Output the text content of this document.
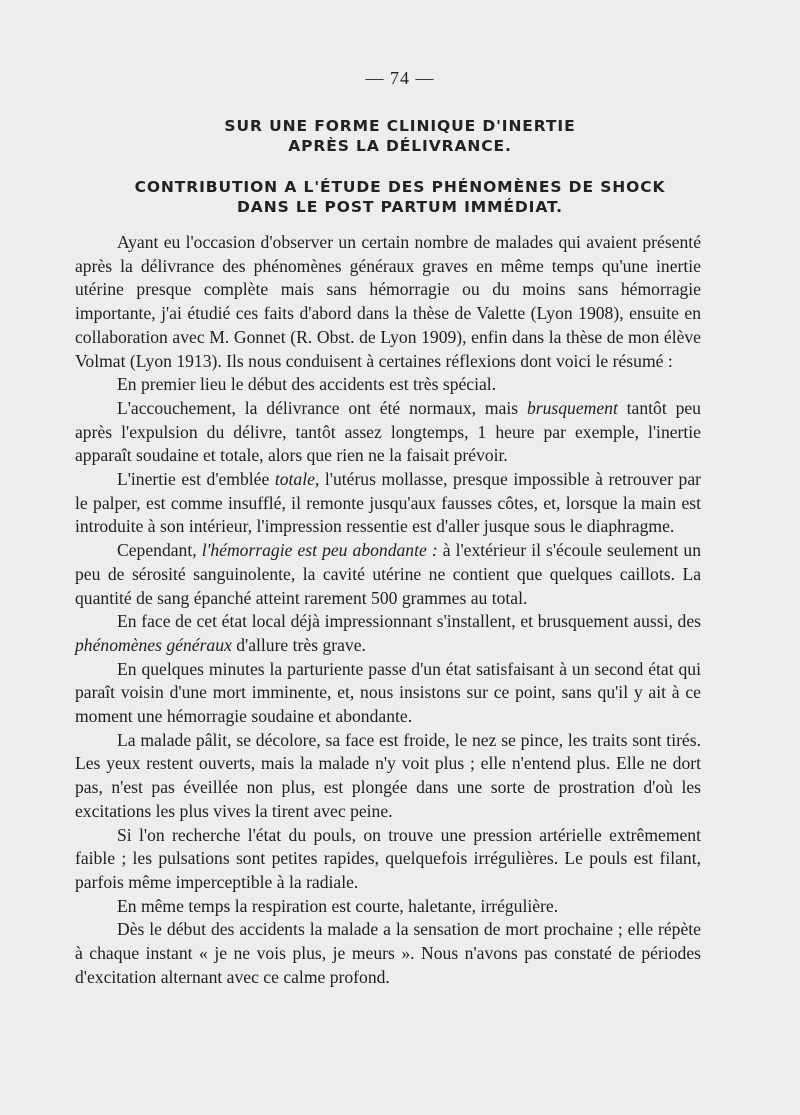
— 74 —
SUR UNE FORME CLINIQUE D'INERTIE
APRÈS LA DÉLIVRANCE.
CONTRIBUTION A L'ÉTUDE DES PHÉNOMÈNES DE SHOCK
DANS LE POST PARTUM IMMÉDIAT.

Ayant eu l'occasion d'observer un certain nombre de malades qui avaient présenté après la délivrance des phénomènes généraux graves en même temps qu'une inertie utérine presque complète mais sans hémorragie ou du moins sans hémorragie importante, j'ai étudié ces faits d'abord dans la thèse de Valette (Lyon 1908), ensuite en collaboration avec M. Gonnet (R. Obst. de Lyon 1909), enfin dans la thèse de mon élève Volmat (Lyon 1913). Ils nous conduisent à certaines réflexions dont voici le résumé :

En premier lieu le début des accidents est très spécial.

L'accouchement, la délivrance ont été normaux, mais brusquement tantôt peu après l'expulsion du délivre, tantôt assez longtemps, 1 heure par exemple, l'inertie apparaît soudaine et totale, alors que rien ne la faisait prévoir.

L'inertie est d'emblée totale, l'utérus mollasse, presque impossible à retrouver par le palper, est comme insufflé, il remonte jusqu'aux fausses côtes, et, lorsque la main est introduite à son intérieur, l'impression ressentie est d'aller jusque sous le diaphragme.

Cependant, l'hémorragie est peu abondante : à l'extérieur il s'écoule seulement un peu de sérosité sanguinolente, la cavité utérine ne contient que quelques caillots. La quantité de sang épanché atteint rarement 500 grammes au total.

En face de cet état local déjà impressionnant s'installent, et brusquement aussi, des phénomènes généraux d'allure très grave.

En quelques minutes la parturiente passe d'un état satisfaisant à un second état qui paraît voisin d'une mort imminente, et, nous insistons sur ce point, sans qu'il y ait à ce moment une hémorragie soudaine et abondante.

La malade pâlit, se décolore, sa face est froide, le nez se pince, les traits sont tirés. Les yeux restent ouverts, mais la malade n'y voit plus ; elle n'entend plus. Elle ne dort pas, n'est pas éveillée non plus, est plongée dans une sorte de prostration d'où les excitations les plus vives la tirent avec peine.

Si l'on recherche l'état du pouls, on trouve une pression artérielle extrêmement faible ; les pulsations sont petites rapides, quelquefois irrégulières. Le pouls est filant, parfois même imperceptible à la radiale.

En même temps la respiration est courte, haletante, irrégulière.

Dès le début des accidents la malade a la sensation de mort prochaine ; elle répète à chaque instant « je ne vois plus, je meurs ». Nous n'avons pas constaté de périodes d'excitation alternant avec ce calme profond.
